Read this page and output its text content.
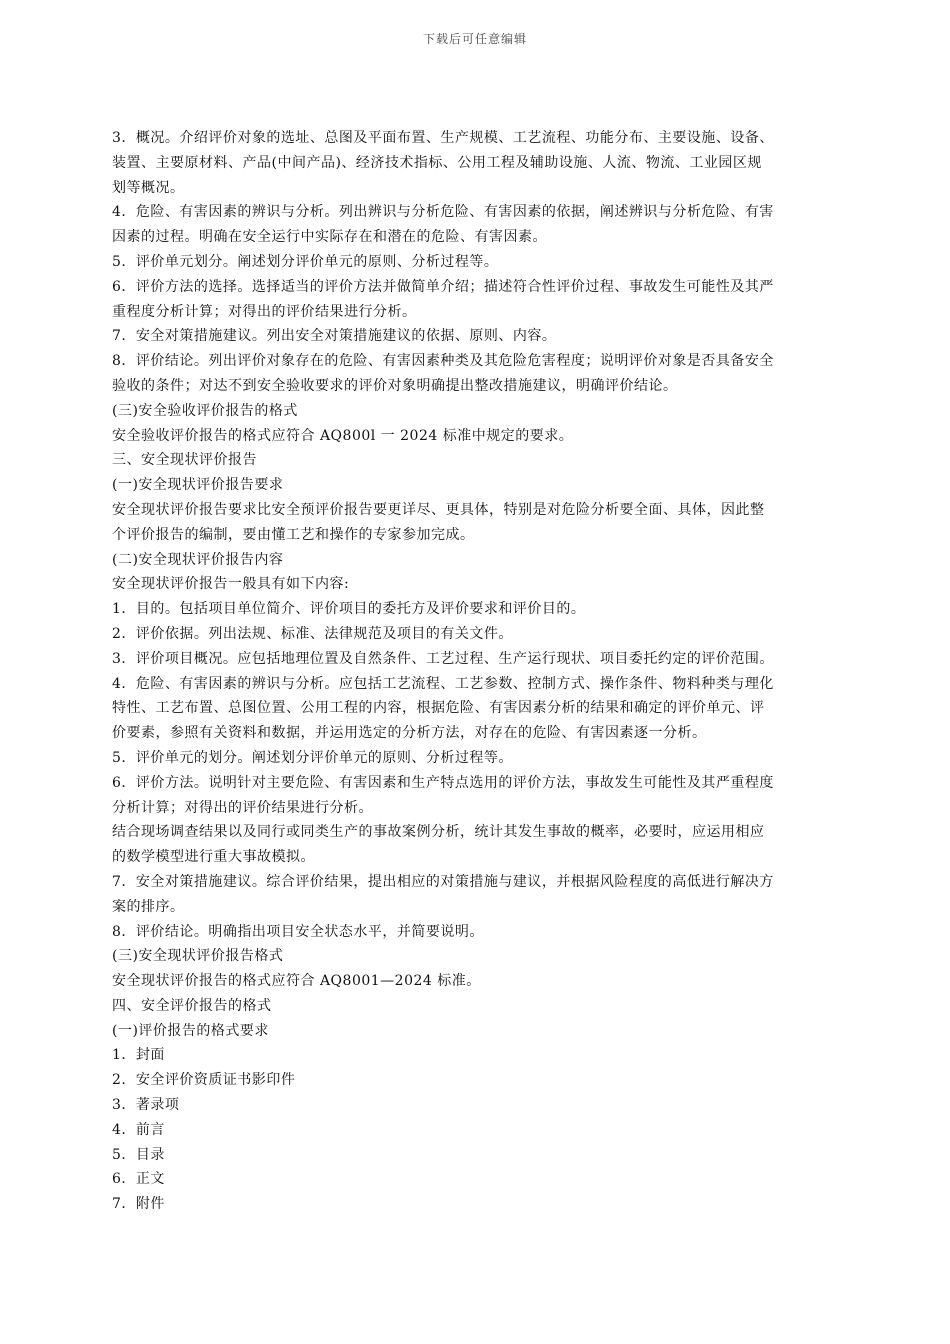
下载后可任意编辑
3．概况。介绍评价对象的选址、总图及平面布置、生产规模、工艺流程、功能分布、主要设施、设备、
装置、主要原材料、产品(中间产品)、经济技术指标、公用工程及辅助设施、人流、物流、工业园区规
划等概况。
4．危险、有害因素的辨识与分析。列出辨识与分析危险、有害因素的依据，阐述辨识与分析危险、有害
因素的过程。明确在安全运行中实际存在和潜在的危险、有害因素。
5．评价单元划分。阐述划分评价单元的原则、分析过程等。
6．评价方法的选择。选择适当的评价方法并做简单介绍；描述符合性评价过程、事故发生可能性及其严
重程度分析计算；对得出的评价结果进行分析。
7．安全对策措施建议。列出安全对策措施建议的依据、原则、内容。
8．评价结论。列出评价对象存在的危险、有害因素种类及其危险危害程度；说明评价对象是否具备安全
验收的条件；对达不到安全验收要求的评价对象明确提出整改措施建议，明确评价结论。
(三)安全验收评价报告的格式
安全验收评价报告的格式应符合 AQ800l 一 2024 标准中规定的要求。
三、安全现状评价报告
(一)安全现状评价报告要求
安全现状评价报告要求比安全预评价报告要更详尽、更具体，特别是对危险分析要全面、具体，因此整
个评价报告的编制，要由懂工艺和操作的专家参加完成。
(二)安全现状评价报告内容
安全现状评价报告一般具有如下内容:
1．目的。包括项目单位简介、评价项目的委托方及评价要求和评价目的。
2．评价依据。列出法规、标准、法律规范及项目的有关文件。
3．评价项目概况。应包括地理位置及自然条件、工艺过程、生产运行现状、项目委托约定的评价范围。
4．危险、有害因素的辨识与分析。应包括工艺流程、工艺参数、控制方式、操作条件、物料种类与理化
特性、工艺布置、总图位置、公用工程的内容，根据危险、有害因素分析的结果和确定的评价单元、评
价要素，参照有关资料和数据，并运用选定的分析方法，对存在的危险、有害因素逐一分析。
5．评价单元的划分。阐述划分评价单元的原则、分析过程等。
6．评价方法。说明针对主要危险、有害因素和生产特点选用的评价方法，事故发生可能性及其严重程度
分析计算；对得出的评价结果进行分析。
结合现场调查结果以及同行或同类生产的事故案例分析，统计其发生事故的概率，必要时，应运用相应
的数学模型进行重大事故模拟。
7．安全对策措施建议。综合评价结果，提出相应的对策措施与建议，并根据风险程度的高低进行解决方
案的排序。
8．评价结论。明确指出项目安全状态水平，并简要说明。
(三)安全现状评价报告格式
安全现状评价报告的格式应符合 AQ8001—2024 标准。
四、安全评价报告的格式
(一)评价报告的格式要求
1．封面
2．安全评价资质证书影印件
3．著录项
4．前言
5．目录
6．正文
7．附件
